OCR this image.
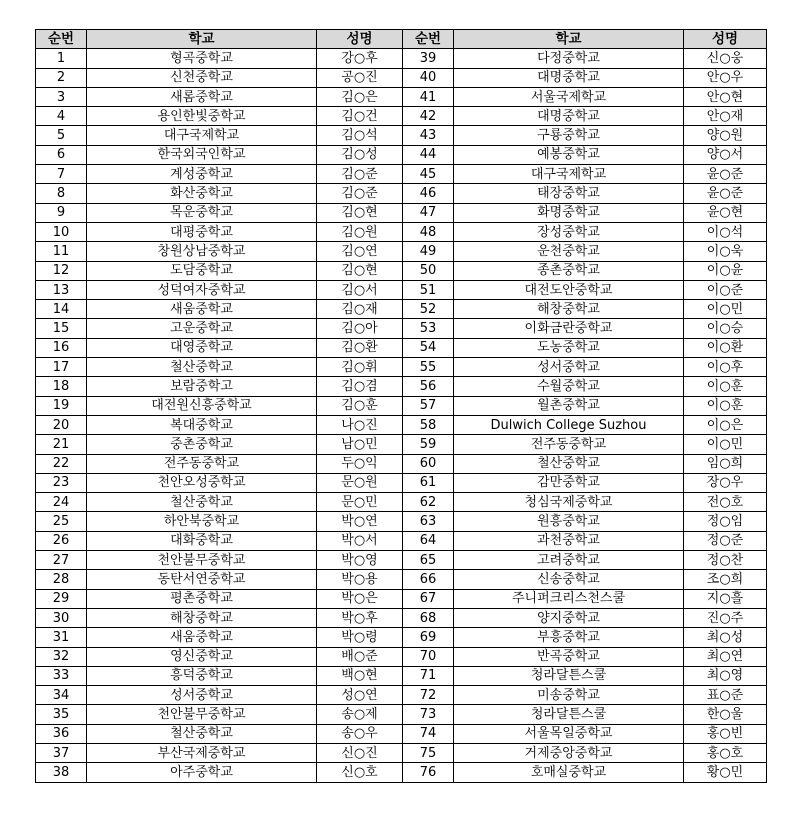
순번	학교	성명	순번	학교	성명
1	형곡중학교	강○후	39	다정중학교	신○웅
2	신천중학교	공○진	40	대명중학교	안○우
3	새롬중학교	김○은	41	서울국제학교	안○현
4	용인한빛중학교	김○건	42	대명중학교	안○재
5	대구국제학교	김○석	43	구룡중학교	양○원
6	한국외국인학교	김○성	44	예봉중학교	양○서
7	계성중학교	김○준	45	대구국제학교	윤○준
8	화산중학교	김○준	46	태장중학교	윤○준
9	목운중학교	김○현	47	화명중학교	윤○현
10	대평중학교	김○원	48	장성중학교	이○석
11	창원상남중학교	김○연	49	운천중학교	이○욱
12	도담중학교	김○현	50	종촌중학교	이○윤
13	성덕여자중학교	김○서	51	대전도안중학교	이○준
14	새움중학교	김○재	52	해창중학교	이○민
15	고운중학교	김○아	53	이화금란중학교	이○승
16	대영중학교	김○환	54	도농중학교	이○환
17	철산중학교	김○휘	55	성서중학교	이○후
18	보람중학고	김○겸	56	수월중학교	이○훈
19	대전원신흥중학교	김○훈	57	월촌중학교	이○훈
20	복대중학교	나○진	58	Dulwich College Suzhou	이○은
21	중촌중학교	남○민	59	전주동중학교	이○민
22	전주동중학교	두○익	60	철산중학교	임○희
23	천안오성중학교	문○원	61	감만중학교	장○우
24	철산중학교	문○민	62	청심국제중학교	전○호
25	하안북중학교	박○연	63	원흥중학교	정○임
26	대화중학교	박○서	64	과천중학교	정○준
27	천안불무중학교	박○영	65	고려중학교	정○찬
28	동탄서연중학교	박○용	66	신송중학교	조○희
29	평촌중학교	박○은	67	주니퍼크리스천스쿨	지○흘
30	해창중학교	박○후	68	양지중학교	진○주
31	새움중학교	박○령	69	부흥중학교	최○성
32	영신중학교	배○준	70	반곡중학교	최○연
33	흥덕중학교	백○현	71	청라달튼스쿨	최○영
34	성서중학교	성○연	72	미송중학교	표○준
35	천안불무중학교	송○제	73	청라달튼스쿨	한○울
36	철산중학교	송○우	74	서울목일중학교	홍○빈
37	부산국제중학교	신○진	75	거제중앙중학교	홍○호
38	아주중학교	신○호	76	호매실중학교	황○민
